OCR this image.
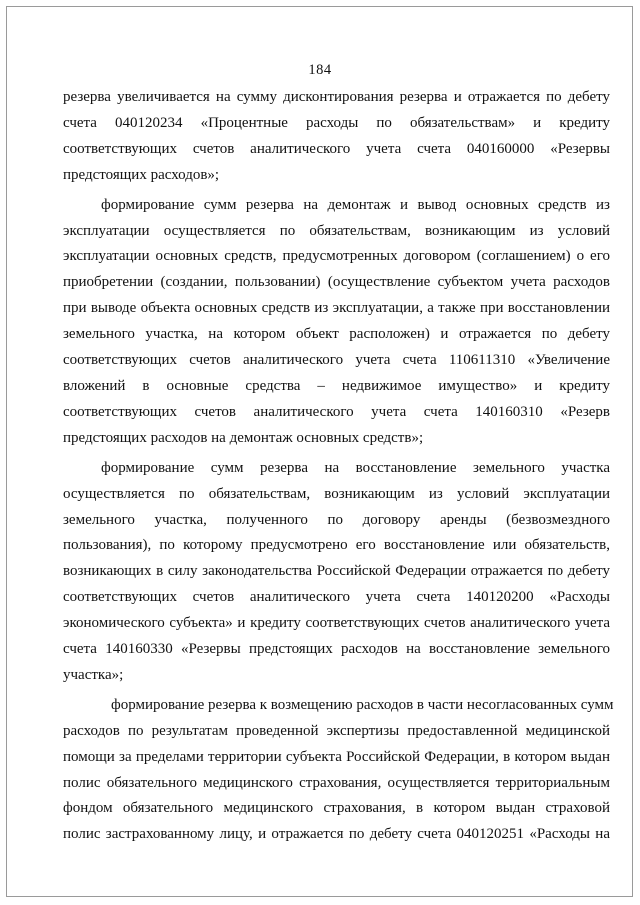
184
резерва увеличивается на сумму дисконтирования резерва и отражается по дебету
счета 040120234 «Процентные расходы по обязательствам» и кредиту
соответствующих счетов аналитического учета счета 040160000 «Резервы
предстоящих расходов»;
формирование сумм резерва на демонтаж и вывод основных средств из
эксплуатации осуществляется по обязательствам, возникающим из условий
эксплуатации основных средств, предусмотренных договором (соглашением) о его
приобретении (создании, пользовании) (осуществление субъектом учета расходов
при выводе объекта основных средств из эксплуатации, а также при восстановлении
земельного участка, на котором объект расположен) и отражается по дебету
соответствующих счетов аналитического учета счета 110611310 «Увеличение
вложений в основные средства – недвижимое имущество» и кредиту
соответствующих счетов аналитического учета счета 140160310 «Резерв
предстоящих расходов на демонтаж основных средств»;
формирование сумм резерва на восстановление земельного участка
осуществляется по обязательствам, возникающим из условий эксплуатации
земельного участка, полученного по договору аренды (безвозмездного
пользования), по которому предусмотрено его восстановление или обязательств,
возникающих в силу законодательства Российской Федерации отражается по дебету
соответствующих счетов аналитического учета счета 140120200 «Расходы
экономического субъекта» и кредиту соответствующих счетов аналитического учета
счета 140160330 «Резервы предстоящих расходов на восстановление земельного
участка»;
формирование резерва к возмещению расходов в части несогласованных сумм
расходов по результатам проведенной экспертизы предоставленной медицинской
помощи за пределами территории субъекта Российской Федерации, в котором выдан
полис обязательного медицинского страхования, осуществляется территориальным
фондом обязательного медицинского страхования, в котором выдан страховой
полис застрахованному лицу, и отражается по дебету счета 040120251 «Расходы на
